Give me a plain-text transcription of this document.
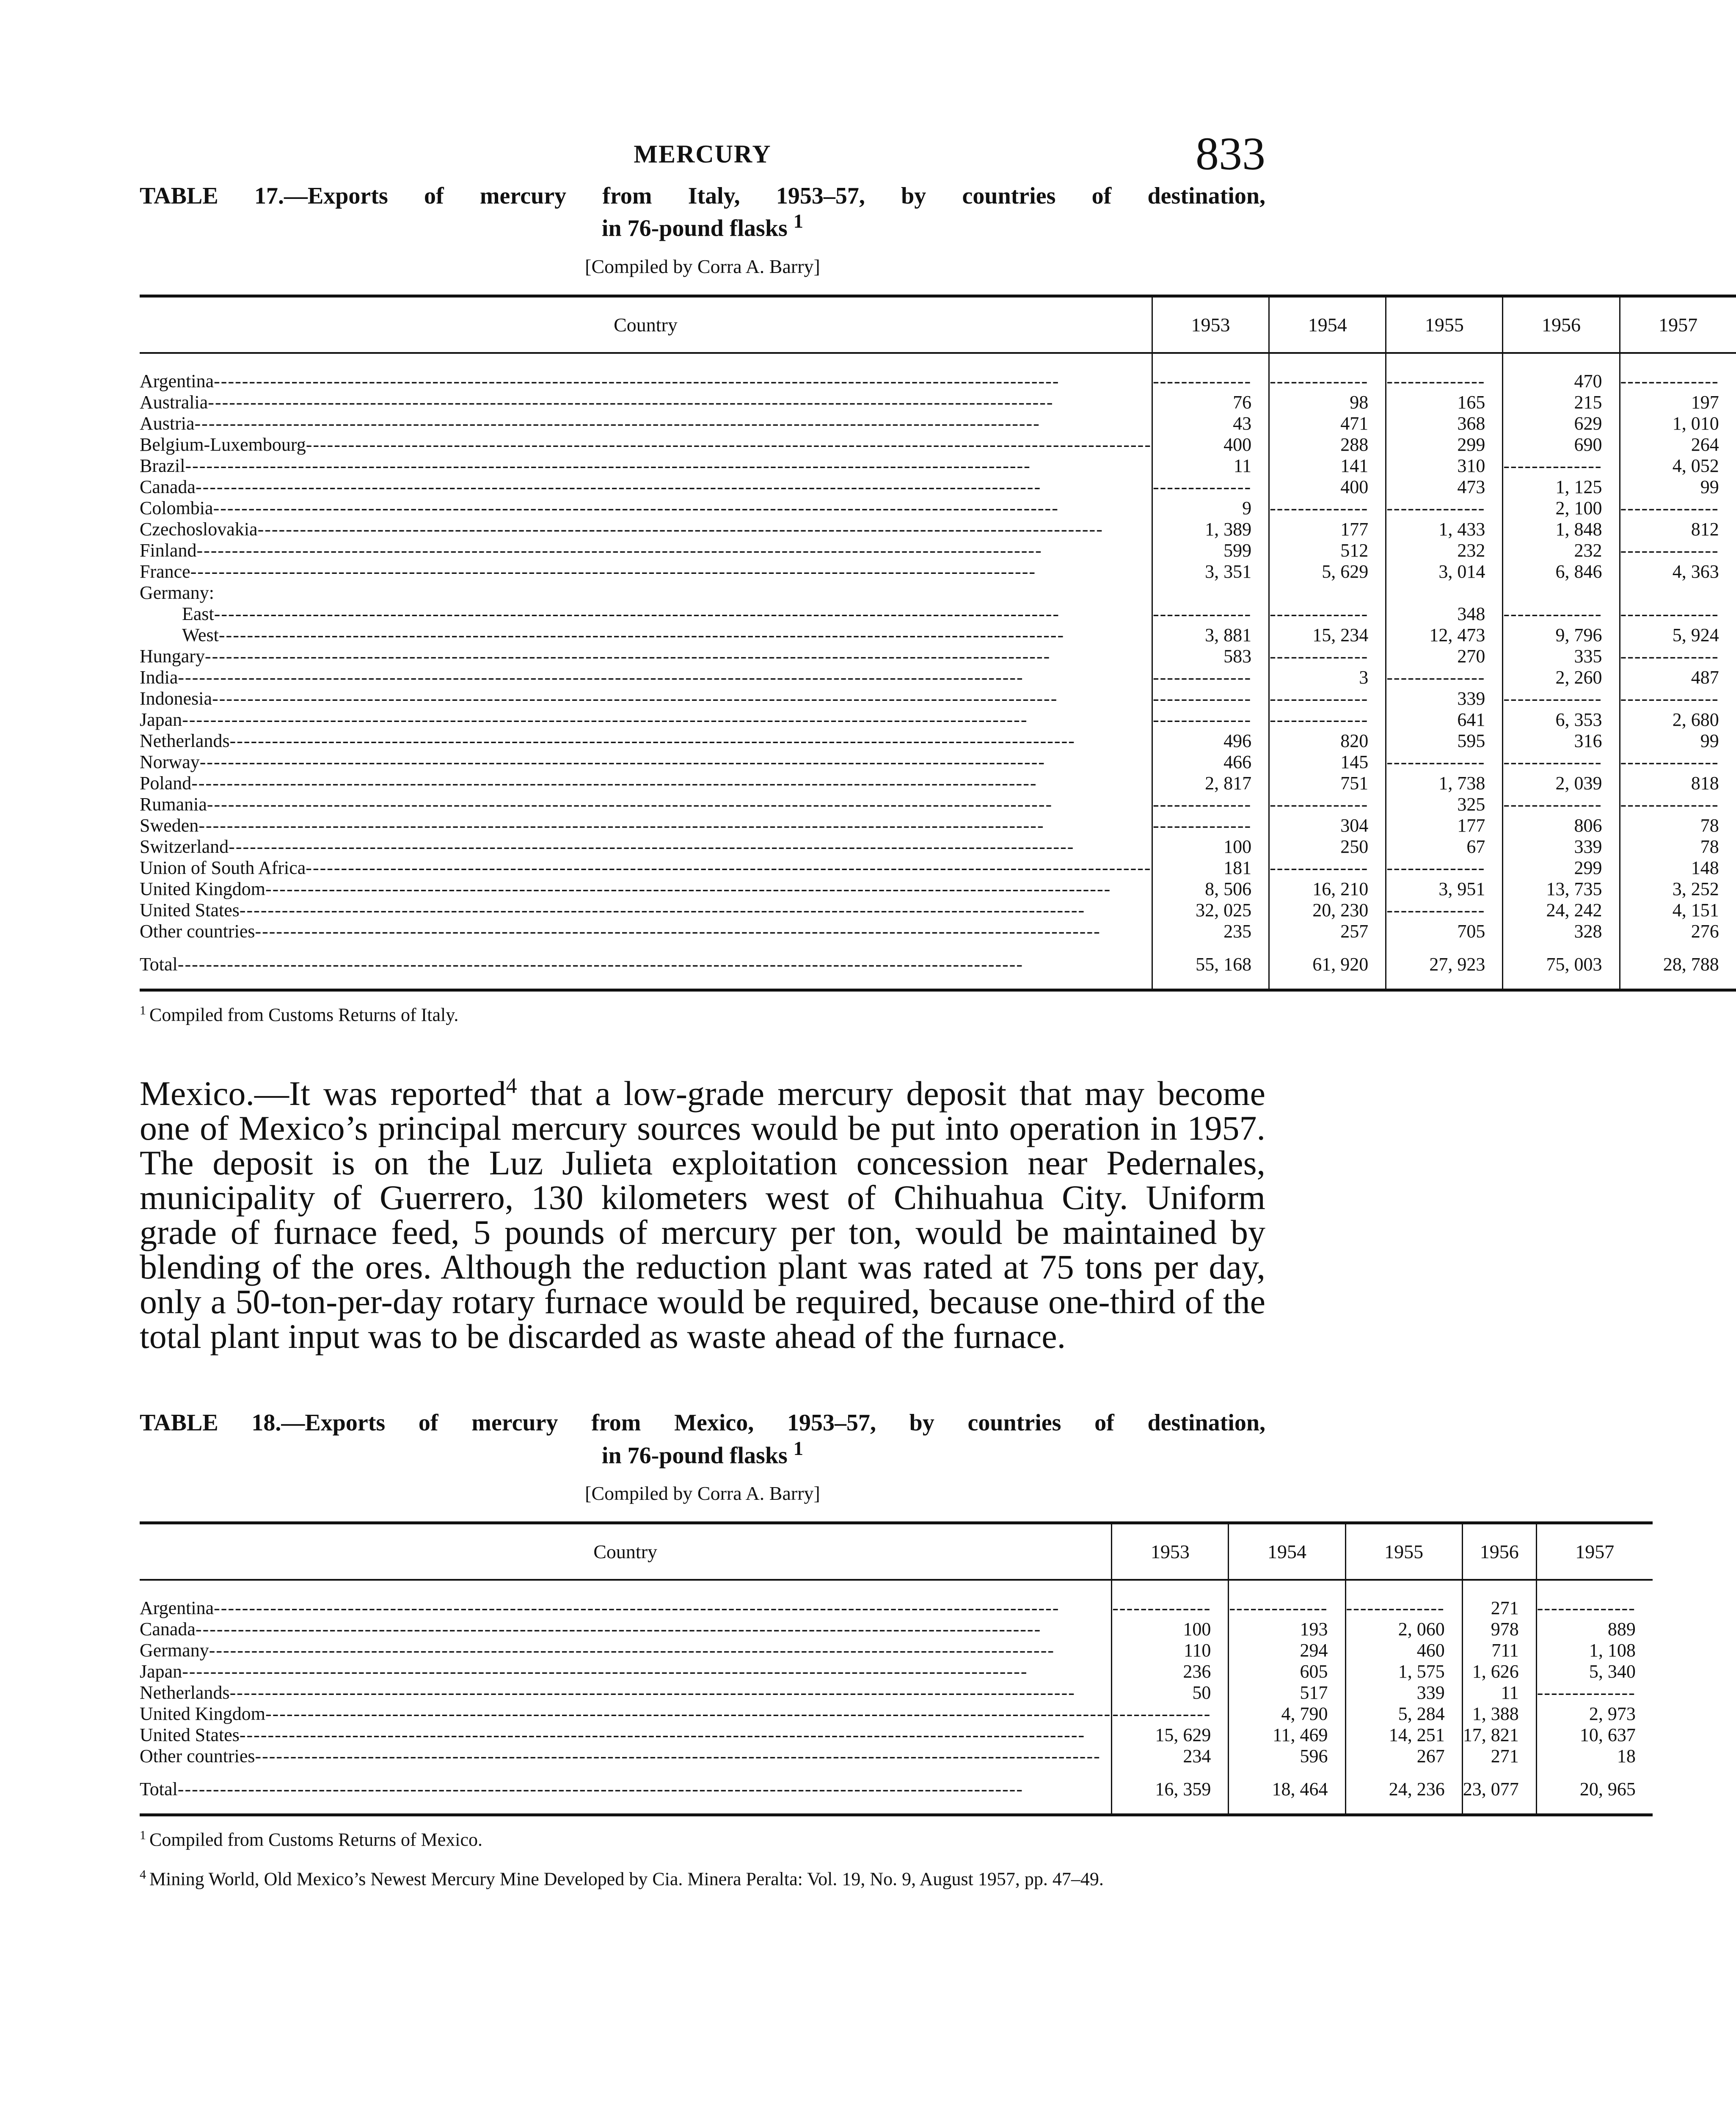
MERCURY	833
TABLE 17.—Exports of mercury from Italy, 1953–57, by countries of destination,
in 76-pound flasks $^1$
[Compiled by Corra A. Barry]
Country	1953	1954	1955	1956	1957
Argentina -----	-----	-----	-----	470	-----
Australia -----	76	98	165	215	197
Austria -----	43	471	368	629	1, 010
Belgium-Luxembourg -----	400	288	299	690	264
Brazil -----	11	141	310	-----	4, 052
Canada -----	-----	400	473	1, 125	99
Colombia -----	9	-----	-----	2, 100	-----
Czechoslovakia -----	1, 389	177	1, 433	1, 848	812
Finland -----	599	512	232	232	-----
France -----	3, 351	5, 629	3, 014	6, 846	4, 363
Germany:					
East -----	-----	-----	348	-----	-----
West -----	3, 881	15, 234	12, 473	9, 796	5, 924
Hungary -----	583	-----	270	335	-----
India -----	-----	3	-----	2, 260	487
Indonesia -----	-----	-----	339	-----	-----
Japan -----	-----	-----	641	6, 353	2, 680
Netherlands -----	496	820	595	316	99
Norway -----	466	145	-----	-----	-----
Poland -----	2, 817	751	1, 738	2, 039	818
Rumania -----	-----	-----	325	-----	-----
Sweden -----	-----	304	177	806	78
Switzerland -----	100	250	67	339	78
Union of South Africa -----	181	-----	-----	299	148
United Kingdom -----	8, 506	16, 210	3, 951	13, 735	3, 252
United States -----	32, 025	20, 230	-----	24, 242	4, 151
Other countries -----	235	257	705	328	276
Total -----	55, 168	61, 920	27, 923	75, 003	28, 788
$^1$ Compiled from Customs Returns of Italy.

Mexico.—It was reported$^4$ that a low-grade mercury deposit that may become one of Mexico’s principal mercury sources would be put into operation in 1957. The deposit is on the Luz Julieta exploitation concession near Pedernales, municipality of Guerrero, 130 kilometers west of Chihuahua City. Uniform grade of furnace feed, 5 pounds of mercury per ton, would be maintained by blending of the ores. Although the reduction plant was rated at 75 tons per day, only a 50-ton-per-day rotary furnace would be required, because one-third of the total plant input was to be discarded as waste ahead of the furnace.

TABLE 18.—Exports of mercury from Mexico, 1953–57, by countries of destination,
in 76-pound flasks $^1$
[Compiled by Corra A. Barry]
Country	1953	1954	1955	1956	1957
Argentina -----	-----	-----	-----	271	-----
Canada -----	100	193	2, 060	978	889
Germany -----	110	294	460	711	1, 108
Japan -----	236	605	1, 575	1, 626	5, 340
Netherlands -----	50	517	339	11	-----
United Kingdom -----	-----	4, 790	5, 284	1, 388	2, 973
United States -----	15, 629	11, 469	14, 251	17, 821	10, 637
Other countries -----	234	596	267	271	18
Total -----	16, 359	18, 464	24, 236	23, 077	20, 965
$^1$ Compiled from Customs Returns of Mexico.
$^4$ Mining World, Old Mexico’s Newest Mercury Mine Developed by Cia. Minera Peralta: Vol. 19, No. 9, August 1957, pp. 47–49.
